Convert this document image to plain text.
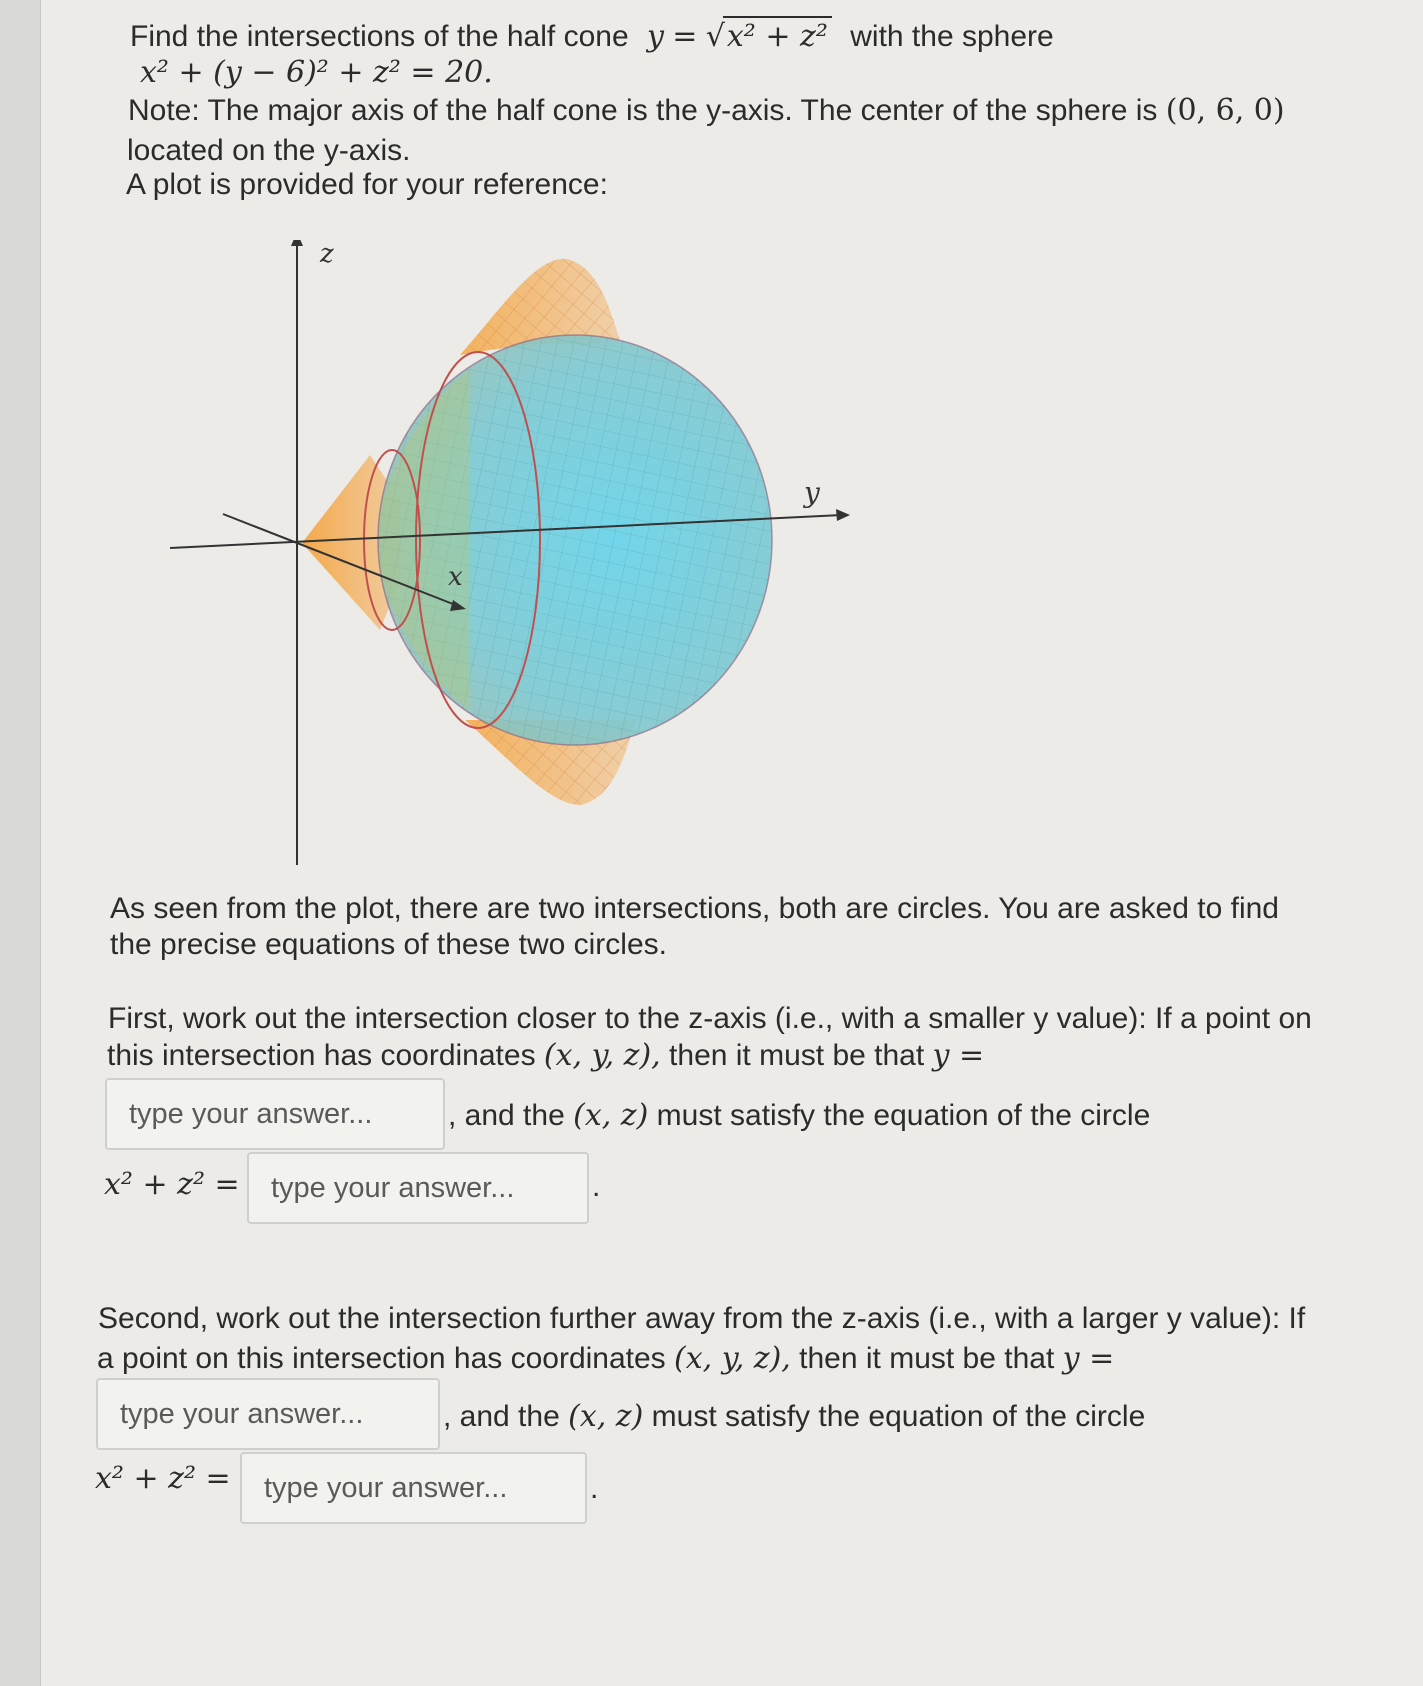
Find the intersections of the half cone y = √x² + z² with the sphere
x² + (y − 6)² + z² = 20.
Note: The major axis of the half cone is the y-axis. The center of the sphere is (0, 6, 0)
located on the y-axis.
A plot is provided for your reference:
z
y
x
As seen from the plot, there are two intersections, both are circles. You are asked to find
the precise equations of these two circles.
First, work out the intersection closer to the z-axis (i.e., with a smaller y value): If a point on
this intersection has coordinates (x, y, z), then it must be that y =
type your answer...
, and the (x, z) must satisfy the equation of the circle
x² + z² =
type your answer...	.
Second, work out the intersection further away from the z-axis (i.e., with a larger y value): If
a point on this intersection has coordinates (x, y, z), then it must be that y =
type your answer...
, and the (x, z) must satisfy the equation of the circle
x² + z² =
type your answer...	.
